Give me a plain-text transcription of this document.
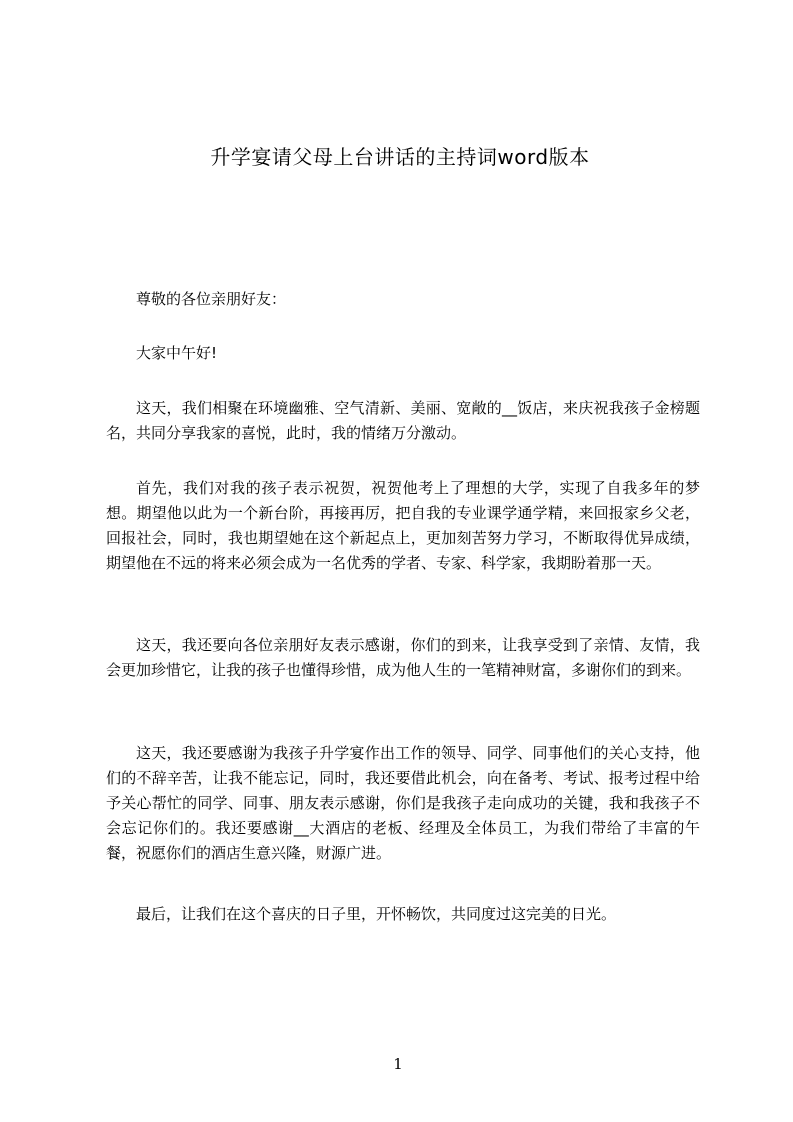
升学宴请父母上台讲话的主持词word版本

尊敬的各位亲朋好友：

大家中午好!

这天，我们相聚在环境幽雅、空气清新、美丽、宽敞的__饭店，来庆祝我孩子金榜题名，共同分享我家的喜悦，此时，我的情绪万分激动。

首先，我们对我的孩子表示祝贺，祝贺他考上了理想的大学，实现了自我多年的梦想。期望他以此为一个新台阶，再接再厉，把自我的专业课学通学精，来回报家乡父老，回报社会，同时，我也期望她在这个新起点上，更加刻苦努力学习，不断取得优异成绩，期望他在不远的将来必须会成为一名优秀的学者、专家、科学家，我期盼着那一天。

这天，我还要向各位亲朋好友表示感谢，你们的到来，让我享受到了亲情、友情，我会更加珍惜它，让我的孩子也懂得珍惜，成为他人生的一笔精神财富，多谢你们的到来。

这天，我还要感谢为我孩子升学宴作出工作的领导、同学、同事他们的关心支持，他们的不辞辛苦，让我不能忘记，同时，我还要借此机会，向在备考、考试、报考过程中给予关心帮忙的同学、同事、朋友表示感谢，你们是我孩子走向成功的关键，我和我孩子不会忘记你们的。我还要感谢__大酒店的老板、经理及全体员工，为我们带给了丰富的午餐，祝愿你们的酒店生意兴隆，财源广进。

最后，让我们在这个喜庆的日子里，开怀畅饮，共同度过这完美的日光。

1
